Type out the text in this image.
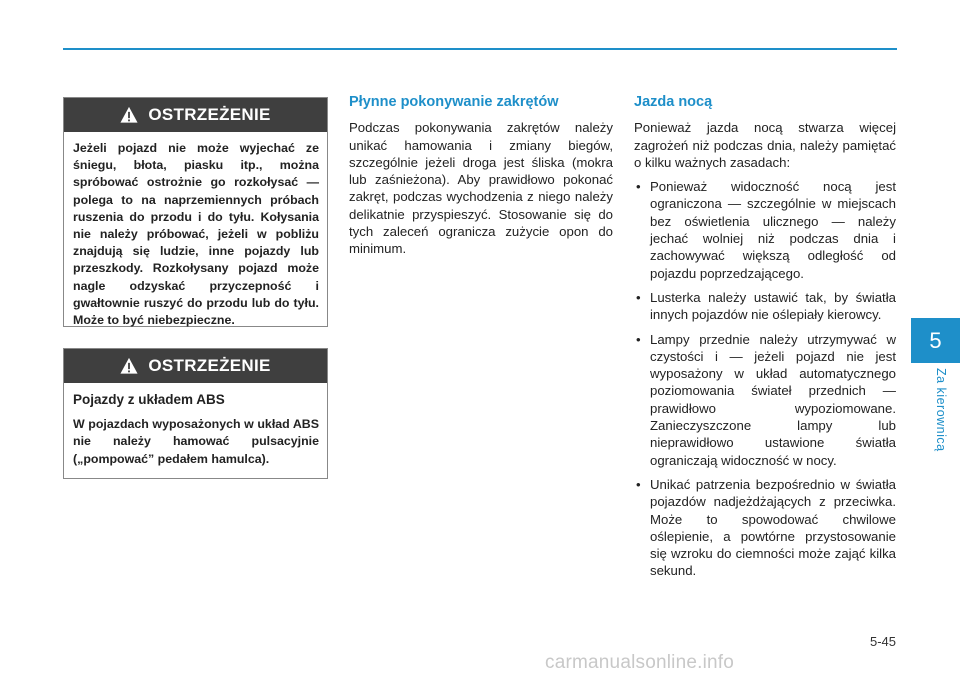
OSTRZEŻENIE
Jeżeli pojazd nie może wyjechać ze śniegu, błota, piasku itp., można spróbować ostrożnie go rozkołysać — polega to na naprzemiennych próbach ruszenia do przodu i do tyłu. Kołysania nie należy próbować, jeżeli w pobliżu znajdują się ludzie, inne pojazdy lub przeszkody. Rozkołysany pojazd może nagle odzyskać przyczepność i gwałtownie ruszyć do przodu lub do tyłu. Może to być niebezpieczne.
OSTRZEŻENIE
Pojazdy z układem ABS
W pojazdach wyposażonych w układ ABS nie należy hamować pulsacyjnie („pompować” pedałem hamulca).
Płynne pokonywanie zakrętów

Podczas pokonywania zakrętów należy unikać hamowania i zmiany biegów, szczególnie jeżeli droga jest śliska (mokra lub zaśnieżona). Aby prawidłowo pokonać zakręt, podczas wychodzenia z niego należy delikatnie przyspieszyć. Stosowanie się do tych zaleceń ogranicza zużycie opon do minimum.

Jazda nocą

Ponieważ jazda nocą stwarza więcej zagrożeń niż podczas dnia, należy pamiętać o kilku ważnych zasadach:

• Ponieważ widoczność nocą jest ograniczona — szczególnie w miejscach bez oświetlenia ulicznego — należy jechać wolniej niż podczas dnia i zachowywać większą odległość od pojazdu poprzedzającego.
• Lusterka należy ustawić tak, by światła innych pojazdów nie oślepiały kierowcy.
• Lampy przednie należy utrzymywać w czystości i — jeżeli pojazd nie jest wyposażony w układ automatycznego poziomowania świateł przednich — prawidłowo wypoziomowane. Zanieczyszczone lampy lub nieprawidłowo ustawione światła ograniczają widoczność w nocy.
• Unikać patrzenia bezpośrednio w światła pojazdów nadjeżdżających z przeciwka. Może to spowodować chwilowe oślepienie, a powtórne przystosowanie się wzroku do ciemności może zająć kilka sekund.
5
Za kierownicą
5-45
carmanualsonline.info
